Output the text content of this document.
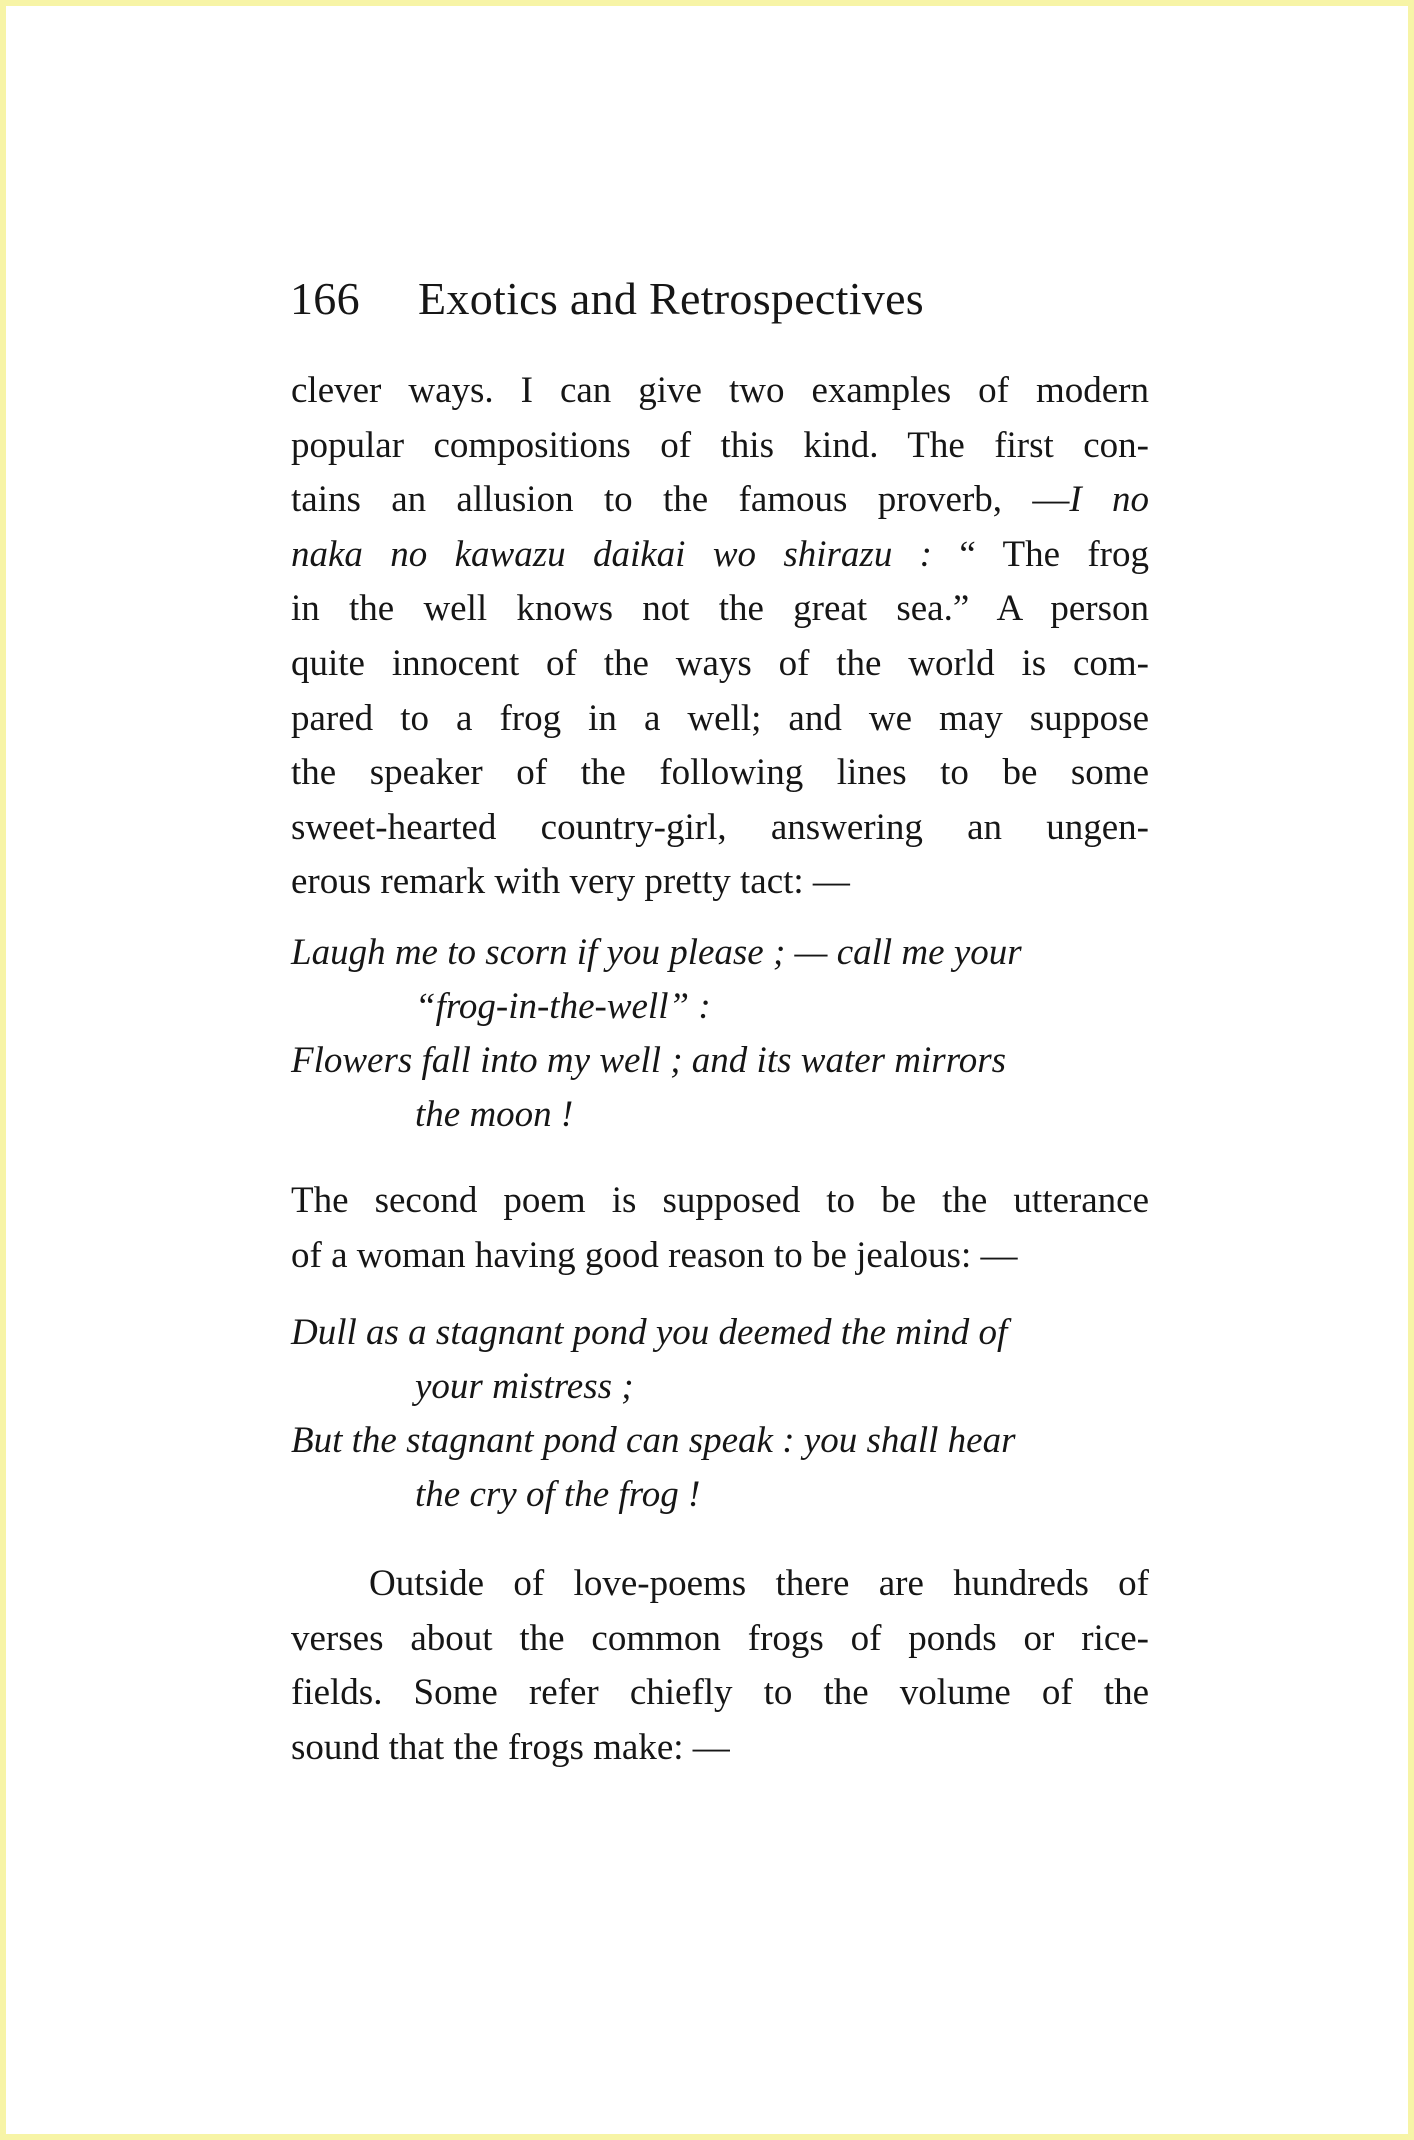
166 Exotics and Retrospectives
clever ways. I can give two examples of modern
popular compositions of this kind. The first con-
tains an allusion to the famous proverb, —I no
naka no kawazu daikai wo shirazu : “ The frog
in the well knows not the great sea.” A person
quite innocent of the ways of the world is com-
pared to a frog in a well; and we may suppose
the speaker of the following lines to be some
sweet-hearted country-girl, answering an ungen-
erous remark with very pretty tact: —
Laugh me to scorn if you please ; — call me your
“frog-in-the-well” :
Flowers fall into my well ; and its water mirrors
the moon !
The second poem is supposed to be the utterance
of a woman having good reason to be jealous: —
Dull as a stagnant pond you deemed the mind of
your mistress ;
But the stagnant pond can speak : you shall hear
the cry of the frog !
Outside of love-poems there are hundreds of
verses about the common frogs of ponds or rice-
fields. Some refer chiefly to the volume of the
sound that the frogs make: —
